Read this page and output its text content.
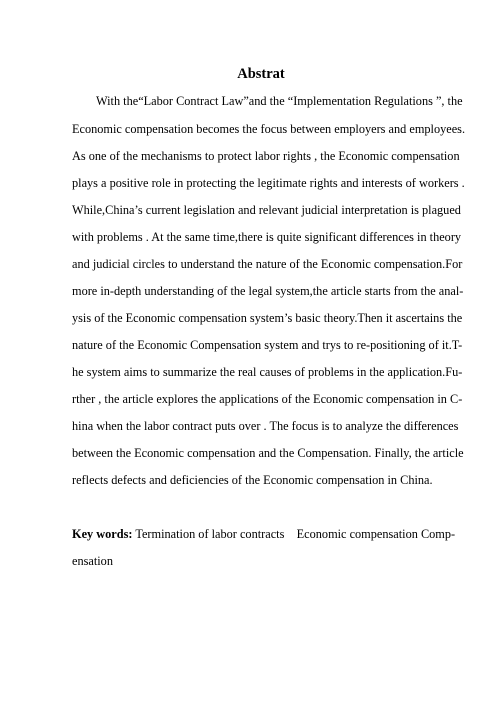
Abstrat
With the“Labor Contract Law”and the “Implementation Regulations ”, the
Economic compensation becomes the focus between employers and employees.
As one of the mechanisms to protect labor rights , the Economic compensation
plays a positive role in protecting the legitimate rights and interests of workers .
While,China’s current legislation and relevant judicial interpretation is plagued
with problems . At the same time,there is quite significant differences in theory
and judicial circles to understand the nature of the Economic compensation.For
more in-depth understanding of the legal system,the article starts from the anal-
ysis of the Economic compensation system’s basic theory.Then it ascertains the
nature of the Economic Compensation system and trys to re-positioning of it.T-
he system aims to summarize the real causes of problems in the application.Fu-
rther , the article explores the applications of the Economic compensation in C-
hina when the labor contract puts over . The focus is to analyze the differences
between the Economic compensation and the Compensation. Finally, the article
reflects defects and deficiencies of the Economic compensation in China.
Key words: Termination of labor contracts    Economic compensation Comp-
ensation
